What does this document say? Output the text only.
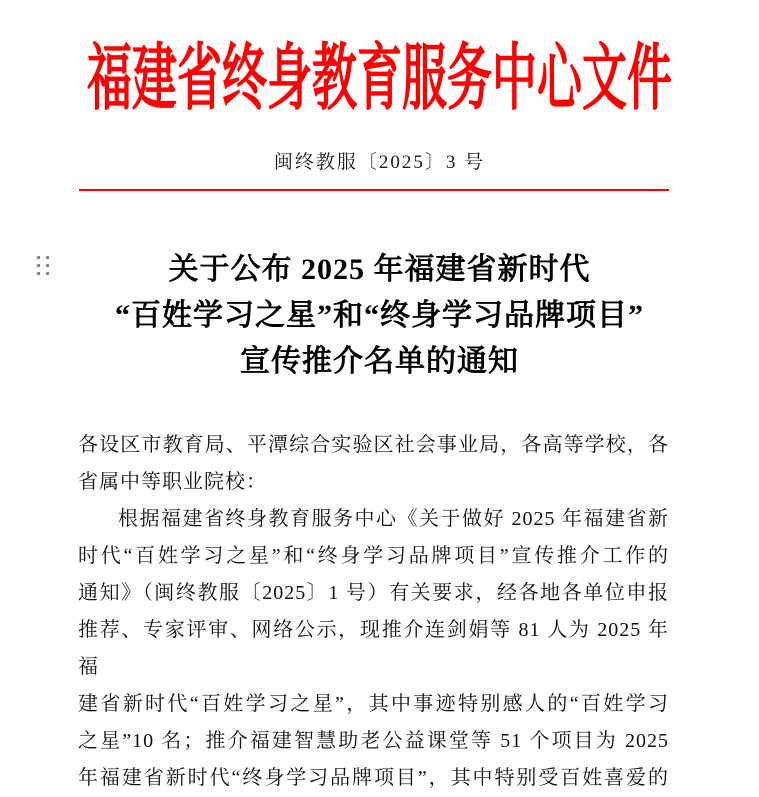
福建省终身教育服务中心文件
闽终教服〔2025〕3 号
关于公布 2025 年福建省新时代
“百姓学习之星”和“终身学习品牌项目”
宣传推介名单的通知
各设区市教育局、平潭综合实验区社会事业局，各高等学校，各
省属中等职业院校：
根据福建省终身教育服务中心《关于做好 2025 年福建省新
时代“百姓学习之星”和“终身学习品牌项目”宣传推介工作的
通知》（闽终教服〔2025〕1 号）有关要求，经各地各单位申报
推荐、专家评审、网络公示，现推介连剑娟等 81 人为 2025 年福
建省新时代“百姓学习之星”，其中事迹特别感人的“百姓学习
之星”10 名；推介福建智慧助老公益课堂等 51 个项目为 2025
年福建省新时代“终身学习品牌项目”，其中特别受百姓喜爱的
